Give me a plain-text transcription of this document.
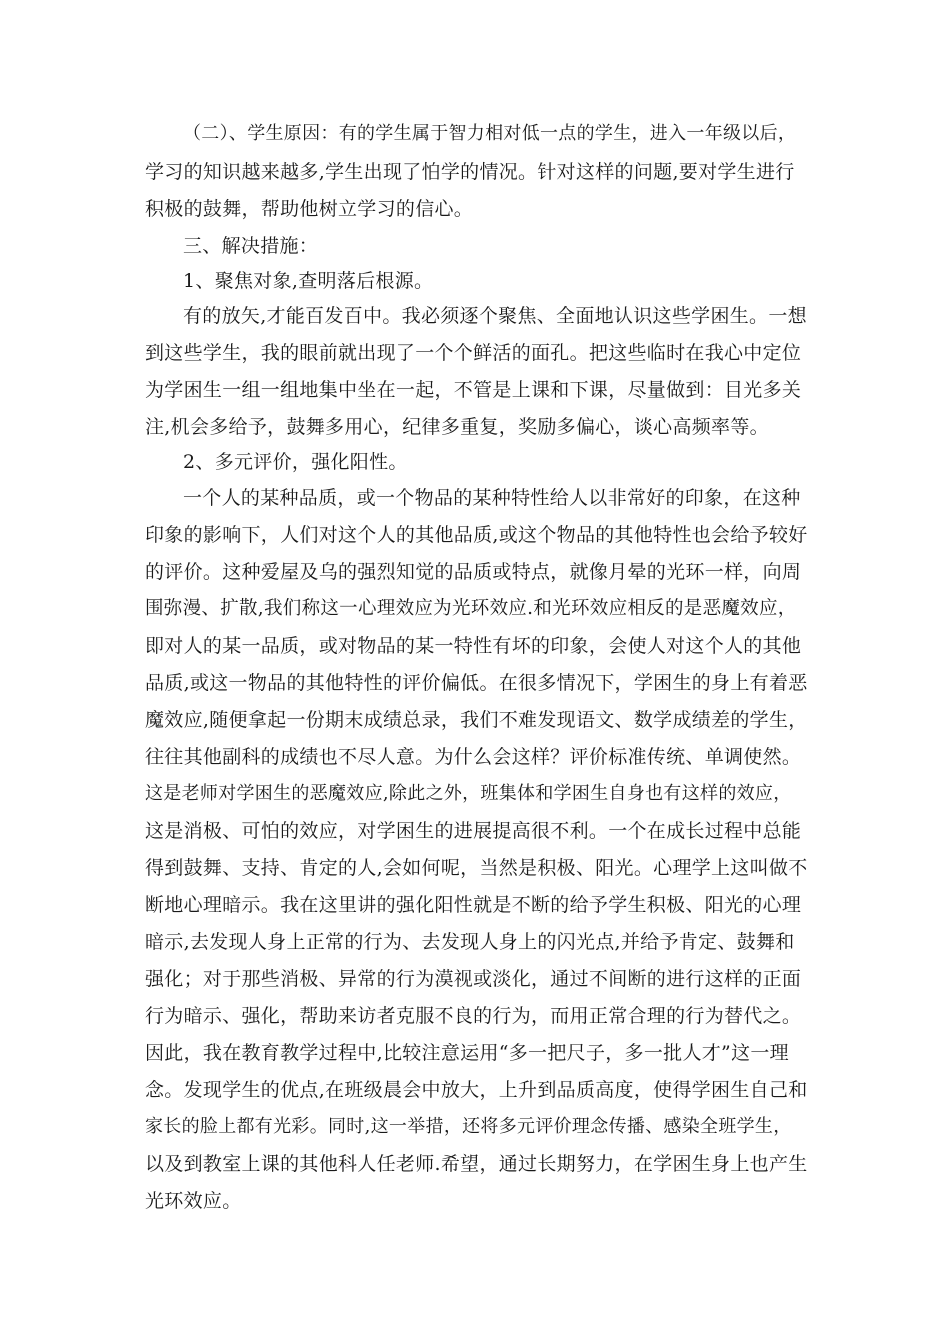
（二）、学生原因：有的学生属于智力相对低一点的学生，进入一年级以后，
学习的知识越来越多,学生出现了怕学的情况。针对这样的问题,要对学生进行
积极的鼓舞，帮助他树立学习的信心。
三、解决措施：
1、聚焦对象,查明落后根源。
有的放矢,才能百发百中。我必须逐个聚焦、全面地认识这些学困生。一想
到这些学生，我的眼前就出现了一个个鲜活的面孔。把这些临时在我心中定位
为学困生一组一组地集中坐在一起，不管是上课和下课，尽量做到：目光多关
注,机会多给予，鼓舞多用心，纪律多重复，奖励多偏心，谈心高频率等。
2、多元评价，强化阳性。
一个人的某种品质，或一个物品的某种特性给人以非常好的印象，在这种
印象的影响下，人们对这个人的其他品质,或这个物品的其他特性也会给予较好
的评价。这种爱屋及乌的强烈知觉的品质或特点，就像月晕的光环一样，向周
围弥漫、扩散,我们称这一心理效应为光环效应.和光环效应相反的是恶魔效应，
即对人的某一品质，或对物品的某一特性有坏的印象，会使人对这个人的其他
品质,或这一物品的其他特性的评价偏低。在很多情况下，学困生的身上有着恶
魔效应,随便拿起一份期末成绩总录，我们不难发现语文、数学成绩差的学生，
往往其他副科的成绩也不尽人意。为什么会这样？评价标准传统、单调使然。
这是老师对学困生的恶魔效应,除此之外，班集体和学困生自身也有这样的效应，
这是消极、可怕的效应，对学困生的进展提高很不利。一个在成长过程中总能
得到鼓舞、支持、肯定的人,会如何呢，当然是积极、阳光。心理学上这叫做不
断地心理暗示。我在这里讲的强化阳性就是不断的给予学生积极、阳光的心理
暗示,去发现人身上正常的行为、去发现人身上的闪光点,并给予肯定、鼓舞和
强化；对于那些消极、异常的行为漠视或淡化，通过不间断的进行这样的正面
行为暗示、强化，帮助来访者克服不良的行为，而用正常合理的行为替代之。
因此，我在教育教学过程中,比较注意运用“多一把尺子，多一批人才”这一理
念。发现学生的优点,在班级晨会中放大，上升到品质高度，使得学困生自己和
家长的脸上都有光彩。同时,这一举措，还将多元评价理念传播、感染全班学生，
以及到教室上课的其他科人任老师.希望，通过长期努力，在学困生身上也产生
光环效应。
